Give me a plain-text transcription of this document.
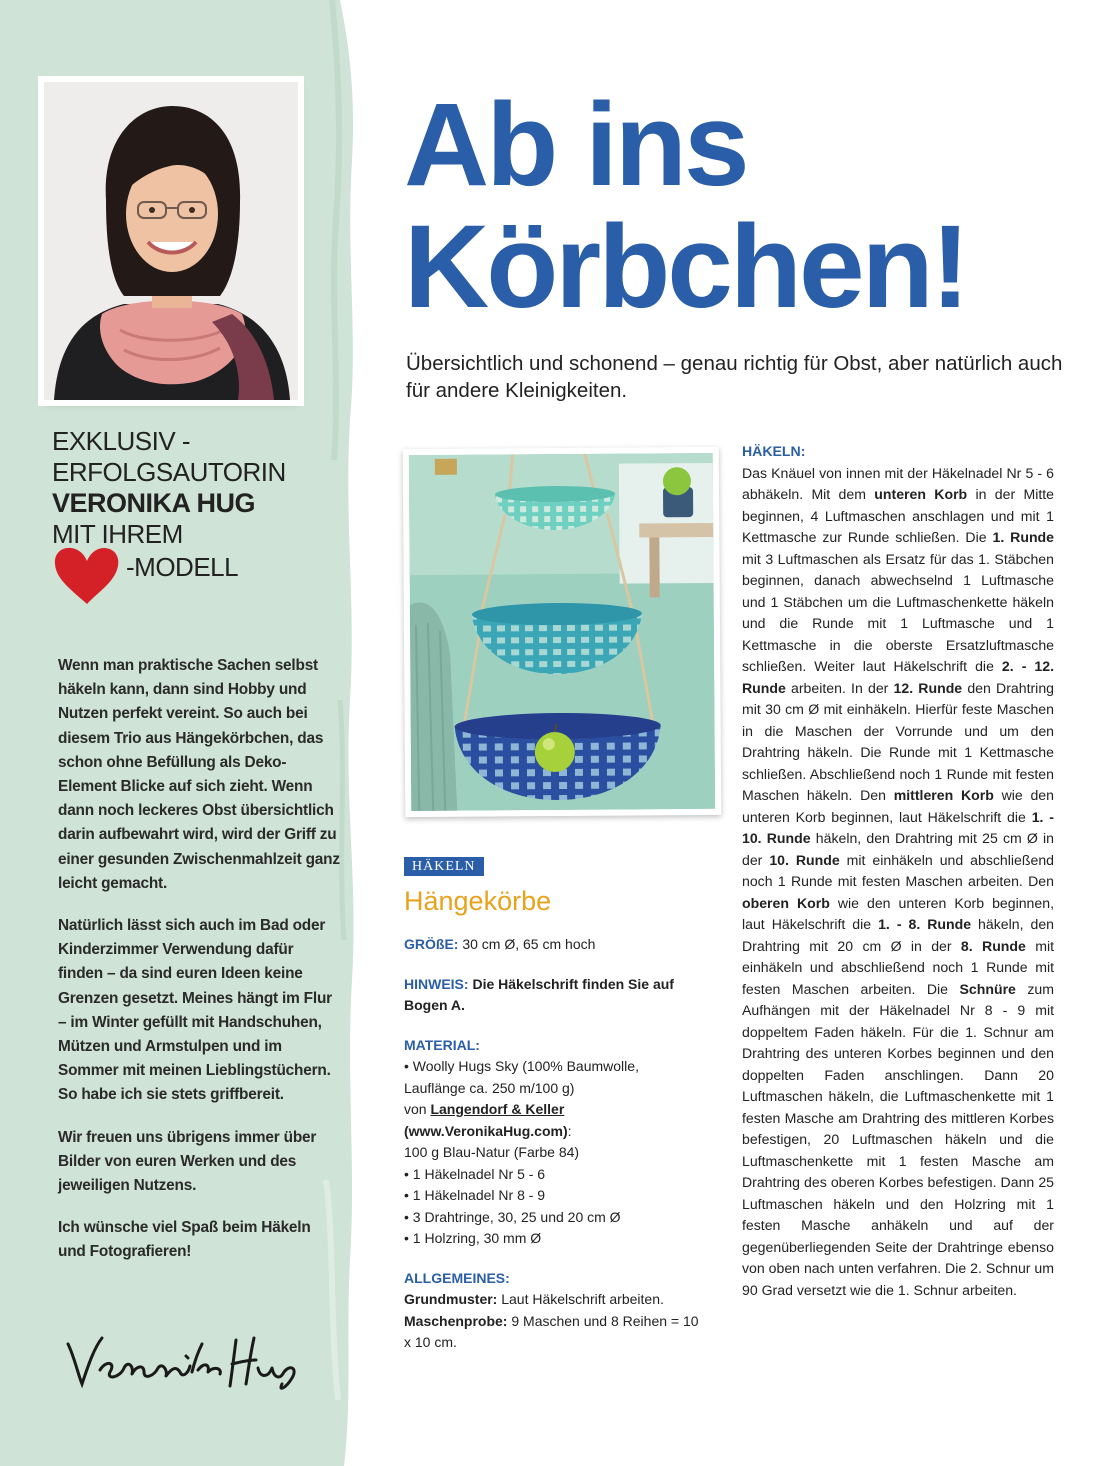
EXKLUSIV -
ERFOLGSAUTORIN
VERONIKA HUG
MIT IHREM
-MODELL

Wenn man praktische Sachen selbst häkeln kann, dann sind Hobby und Nutzen perfekt vereint. So auch bei diesem Trio aus Hängekörbchen, das schon ohne Befüllung als Deko-Element Blicke auf sich zieht. Wenn dann noch leckeres Obst übersichtlich darin aufbewahrt wird, wird der Griff zu einer gesunden Zwischenmahlzeit ganz leicht gemacht.

Natürlich lässt sich auch im Bad oder Kinderzimmer Verwendung dafür finden – da sind euren Ideen keine Grenzen gesetzt. Meines hängt im Flur – im Winter gefüllt mit Handschuhen, Mützen und Armstulpen und im Sommer mit meinen Lieblingstüchern. So habe ich sie stets griffbereit.

Wir freuen uns übrigens immer über Bilder von euren Werken und des jeweiligen Nutzens.

Ich wünsche viel Spaß beim Häkeln und Fotografieren!

Ab ins
Körbchen!

Übersichtlich und schonend – genau richtig für Obst, aber natürlich auch für andere Kleinigkeiten.

HÄKELN
Hängekörbe
GRÖßE: 30 cm Ø, 65 cm hoch
HINWEIS: Die Häkelschrift finden Sie auf Bogen A.
MATERIAL:
• Woolly Hugs Sky (100% Baumwolle, Lauflänge ca. 250 m/100 g)
von Langendorf & Keller
(www.VeronikaHug.com):
100 g Blau-Natur (Farbe 84)
• 1 Häkelnadel Nr 5 - 6
• 1 Häkelnadel Nr 8 - 9
• 3 Drahtringe, 30, 25 und 20 cm Ø
• 1 Holzring, 30 mm Ø
ALLGEMEINES:
Grundmuster: Laut Häkelschrift arbeiten.
Maschenprobe: 9 Maschen und 8 Reihen = 10 x 10 cm.
HÄKELN:
Das Knäuel von innen mit der Häkelnadel Nr 5 - 6 abhäkeln. Mit dem unteren Korb in der Mitte beginnen, 4 Luftmaschen anschlagen und mit 1 Kettmasche zur Runde schließen. Die 1. Runde mit 3 Luftmaschen als Ersatz für das 1. Stäbchen beginnen, danach abwechselnd 1 Luftmasche und 1 Stäbchen um die Luftmaschenkette häkeln und die Runde mit 1 Luftmasche und 1 Kettmasche in die oberste Ersatzluftmasche schließen. Weiter laut Häkelschrift die 2. - 12. Runde arbeiten. In der 12. Runde den Drahtring mit 30 cm Ø mit einhäkeln. Hierfür feste Maschen in die Maschen der Vorrunde und um den Drahtring häkeln. Die Runde mit 1 Kettmasche schließen. Abschließend noch 1 Runde mit festen Maschen häkeln. Den mittleren Korb wie den unteren Korb beginnen, laut Häkelschrift die 1. - 10. Runde häkeln, den Drahtring mit 25 cm Ø in der 10. Runde mit einhäkeln und abschließend noch 1 Runde mit festen Maschen arbeiten. Den oberen Korb wie den unteren Korb beginnen, laut Häkelschrift die 1. - 8. Runde häkeln, den Drahtring mit 20 cm Ø in der 8. Runde mit einhäkeln und abschließend noch 1 Runde mit festen Maschen arbeiten. Die Schnüre zum Aufhängen mit der Häkelnadel Nr 8 - 9 mit doppeltem Faden häkeln. Für die 1. Schnur am Drahtring des unteren Korbes beginnen und den doppelten Faden anschlingen. Dann 20 Luftmaschen häkeln, die Luftmaschenkette mit 1 festen Masche am Drahtring des mittleren Korbes befestigen, 20 Luftmaschen häkeln und die Luftmaschenkette mit 1 festen Masche am Drahtring des oberen Korbes befestigen. Dann 25 Luftmaschen häkeln und den Holzring mit 1 festen Masche anhäkeln und auf der gegenüberliegenden Seite der Drahtringe ebenso von oben nach unten verfahren. Die 2. Schnur um 90 Grad versetzt wie die 1. Schnur arbeiten.
